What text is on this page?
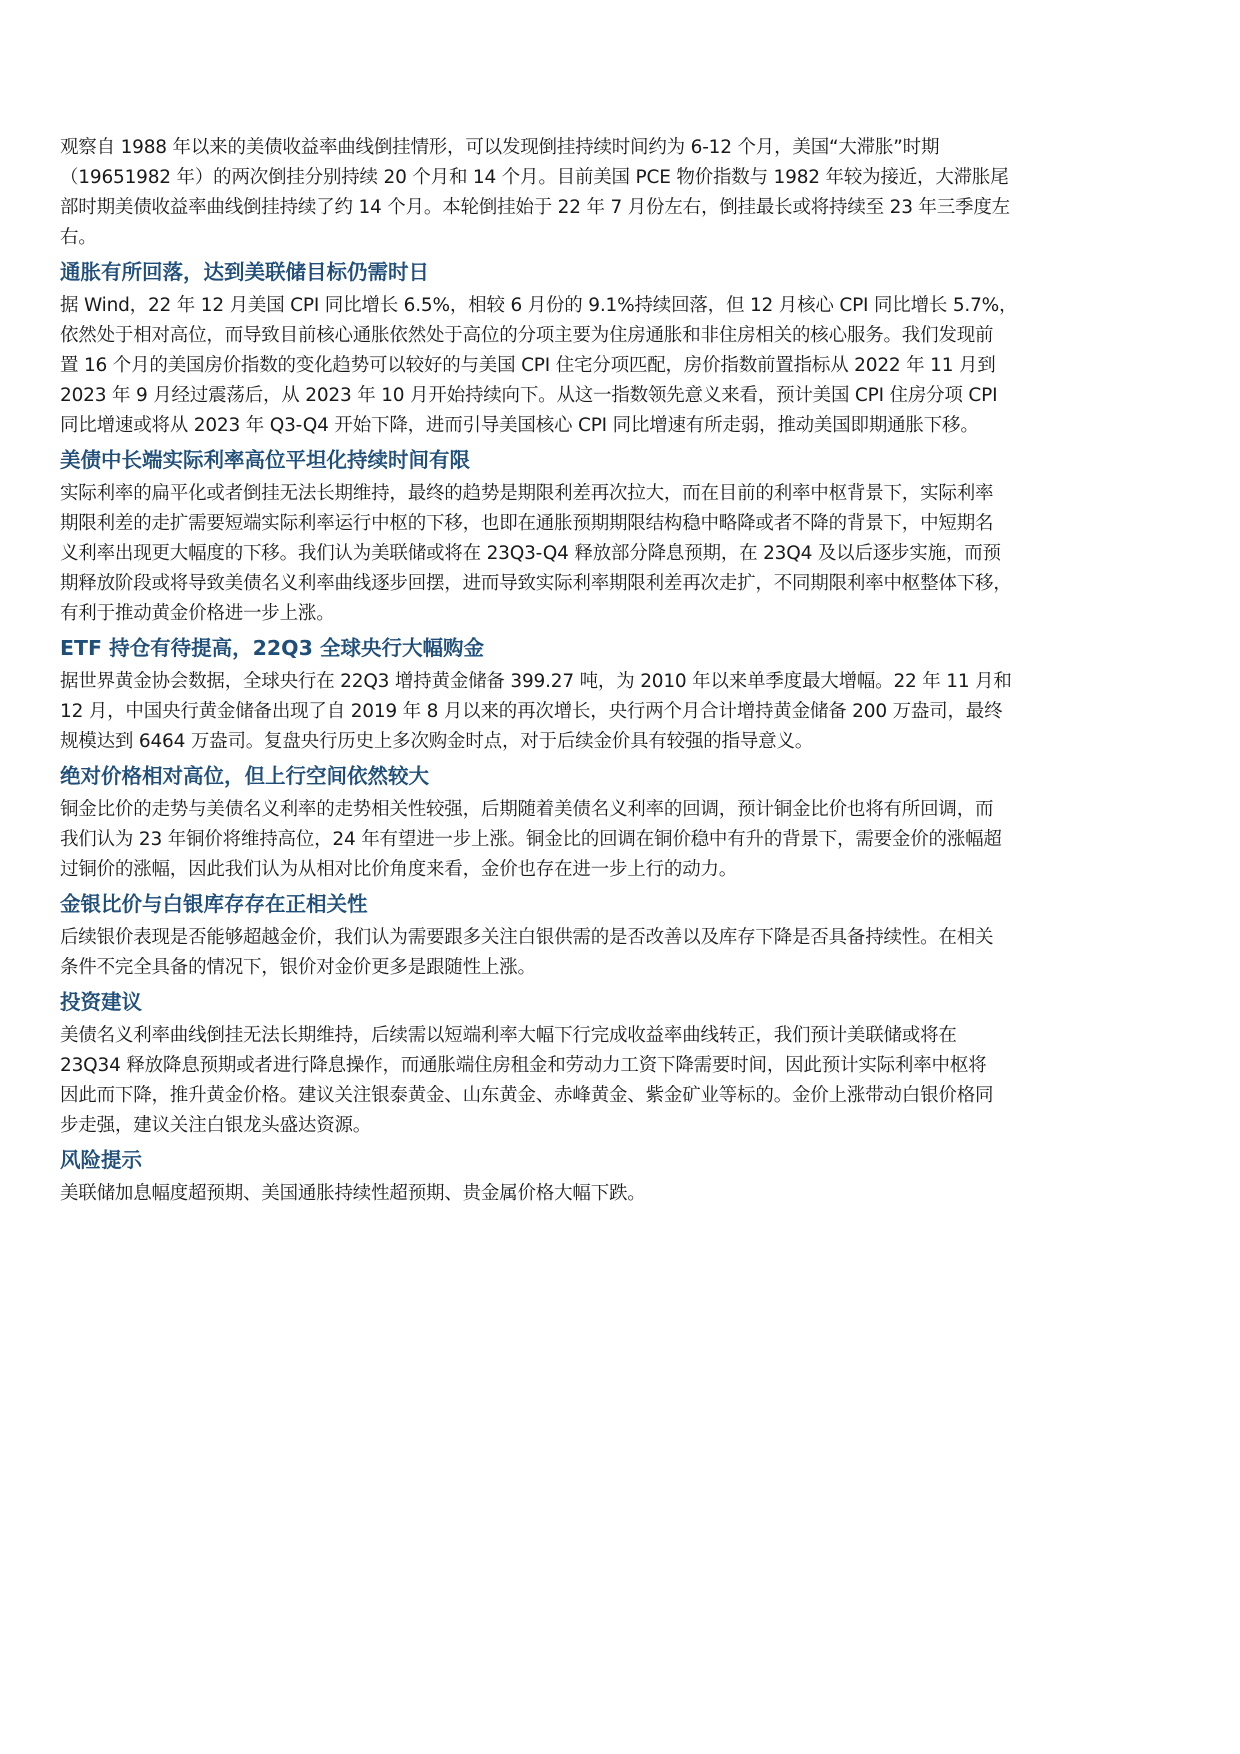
观察自 1988 年以来的美债收益率曲线倒挂情形，可以发现倒挂持续时间约为 6-12 个月，美国“大滞胀”时期
（19651982 年）的两次倒挂分别持续 20 个月和 14 个月。目前美国 PCE 物价指数与 1982 年较为接近，大滞胀尾
部时期美债收益率曲线倒挂持续了约 14 个月。本轮倒挂始于 22 年 7 月份左右，倒挂最长或将持续至 23 年三季度左
右。
通胀有所回落，达到美联储目标仍需时日
据 Wind，22 年 12 月美国 CPI 同比增长 6.5%，相较 6 月份的 9.1%持续回落，但 12 月核心 CPI 同比增长 5.7%，
依然处于相对高位，而导致目前核心通胀依然处于高位的分项主要为住房通胀和非住房相关的核心服务。我们发现前
置 16 个月的美国房价指数的变化趋势可以较好的与美国 CPI 住宅分项匹配，房价指数前置指标从 2022 年 11 月到
2023 年 9 月经过震荡后，从 2023 年 10 月开始持续向下。从这一指数领先意义来看，预计美国 CPI 住房分项 CPI
同比增速或将从 2023 年 Q3-Q4 开始下降，进而引导美国核心 CPI 同比增速有所走弱，推动美国即期通胀下移。
美债中长端实际利率高位平坦化持续时间有限
实际利率的扁平化或者倒挂无法长期维持，最终的趋势是期限利差再次拉大，而在目前的利率中枢背景下，实际利率
期限利差的走扩需要短端实际利率运行中枢的下移，也即在通胀预期期限结构稳中略降或者不降的背景下，中短期名
义利率出现更大幅度的下移。我们认为美联储或将在 23Q3-Q4 释放部分降息预期，在 23Q4 及以后逐步实施，而预
期释放阶段或将导致美债名义利率曲线逐步回摆，进而导致实际利率期限利差再次走扩，不同期限利率中枢整体下移，
有利于推动黄金价格进一步上涨。
ETF 持仓有待提高，22Q3 全球央行大幅购金
据世界黄金协会数据，全球央行在 22Q3 增持黄金储备 399.27 吨，为 2010 年以来单季度最大增幅。22 年 11 月和
12 月，中国央行黄金储备出现了自 2019 年 8 月以来的再次增长，央行两个月合计增持黄金储备 200 万盎司，最终
规模达到 6464 万盎司。复盘央行历史上多次购金时点，对于后续金价具有较强的指导意义。
绝对价格相对高位，但上行空间依然较大
铜金比价的走势与美债名义利率的走势相关性较强，后期随着美债名义利率的回调，预计铜金比价也将有所回调，而
我们认为 23 年铜价将维持高位，24 年有望进一步上涨。铜金比的回调在铜价稳中有升的背景下，需要金价的涨幅超
过铜价的涨幅，因此我们认为从相对比价角度来看，金价也存在进一步上行的动力。
金银比价与白银库存存在正相关性
后续银价表现是否能够超越金价，我们认为需要跟多关注白银供需的是否改善以及库存下降是否具备持续性。在相关
条件不完全具备的情况下，银价对金价更多是跟随性上涨。
投资建议
美债名义利率曲线倒挂无法长期维持，后续需以短端利率大幅下行完成收益率曲线转正，我们预计美联储或将在
23Q34 释放降息预期或者进行降息操作，而通胀端住房租金和劳动力工资下降需要时间，因此预计实际利率中枢将
因此而下降，推升黄金价格。建议关注银泰黄金、山东黄金、赤峰黄金、紫金矿业等标的。金价上涨带动白银价格同
步走强，建议关注白银龙头盛达资源。
风险提示
美联储加息幅度超预期、美国通胀持续性超预期、贵金属价格大幅下跌。
